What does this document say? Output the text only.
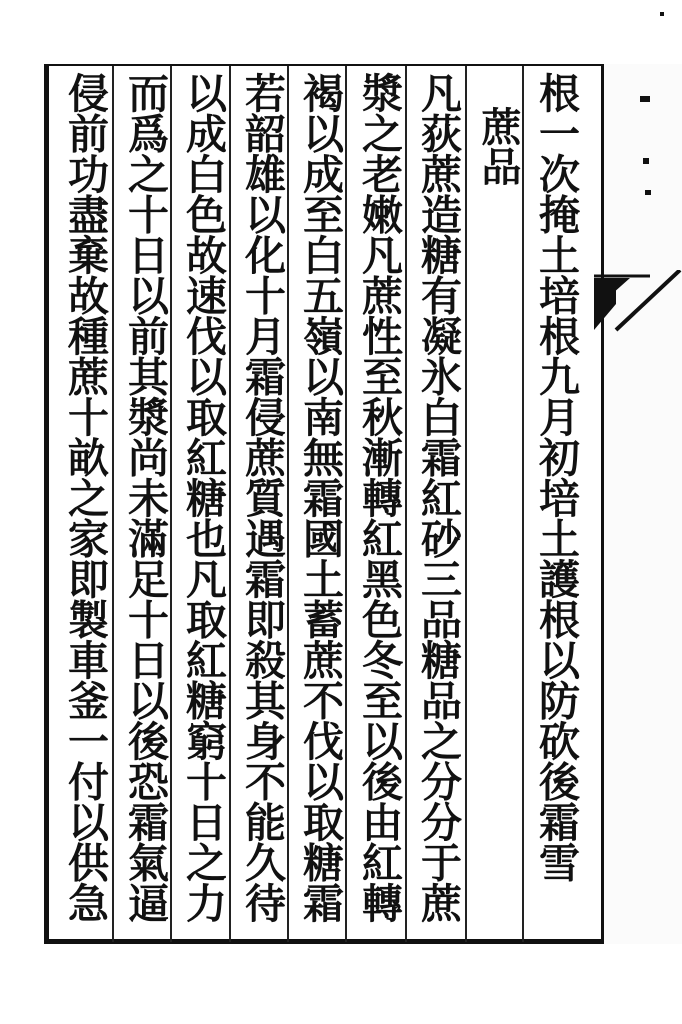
根一次掩土培根九月初培土護根以防砍後霜雪
蔗品
凡荻蔗造糖有凝氷白霜紅砂三品糖品之分分于蔗
漿之老嫩凡蔗性至秋漸轉紅黑色冬至以後由紅轉
褐以成至白五嶺以南無霜國土蓄蔗不伐以取糖霜
若韶雄以化十月霜侵蔗質遇霜即殺其身不能久待
以成白色故速伐以取紅糖也凡取紅糖窮十日之力
而爲之十日以前其漿尚未滿足十日以後恐霜氣逼
侵前功盡棄故種蔗十畝之家即製車釜一付以供急
